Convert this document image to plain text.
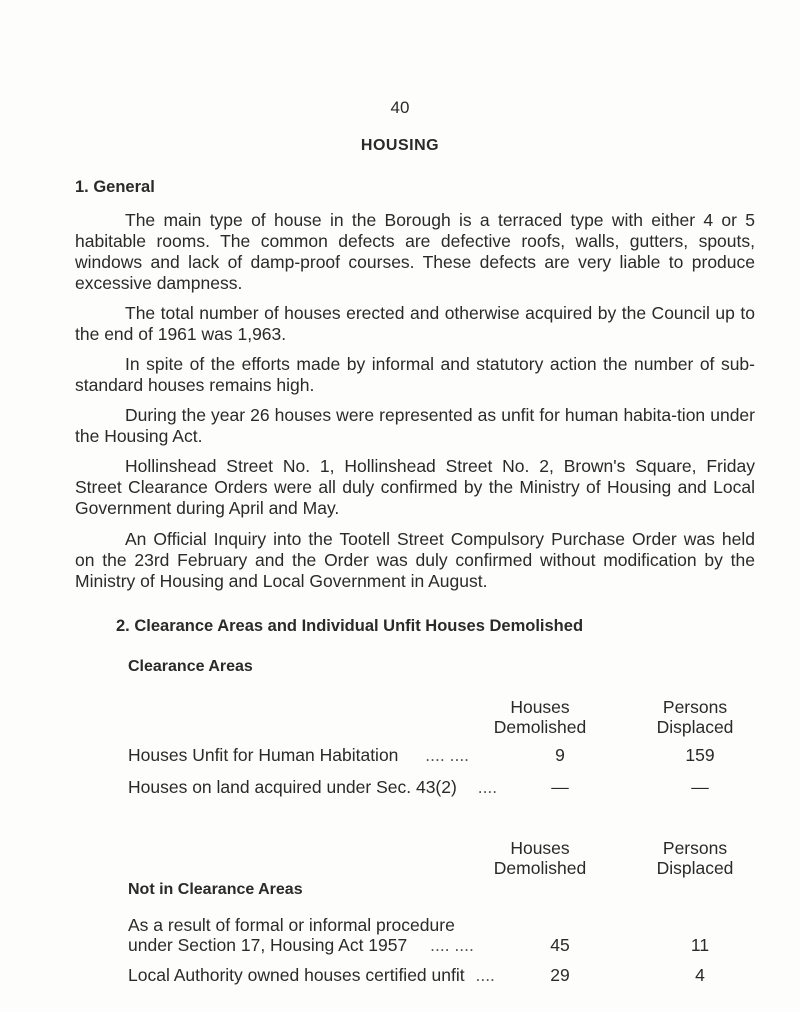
40
HOUSING
1. General
The main type of house in the Borough is a terraced type with either 4 or 5 habitable rooms. The common defects are defective roofs, walls, gutters, spouts, windows and lack of damp-proof courses. These defects are very liable to produce excessive dampness.
The total number of houses erected and otherwise acquired by the Council up to the end of 1961 was 1,963.
In spite of the efforts made by informal and statutory action the number of sub-standard houses remains high.
During the year 26 houses were represented as unfit for human habita-tion under the Housing Act.
Hollinshead Street No. 1, Hollinshead Street No. 2, Brown's Square, Friday Street Clearance Orders were all duly confirmed by the Ministry of Housing and Local Government during April and May.
An Official Inquiry into the Tootell Street Compulsory Purchase Order was held on the 23rd February and the Order was duly confirmed without modification by the Ministry of Housing and Local Government in August.
2. Clearance Areas and Individual Unfit Houses Demolished
Clearance Areas
Houses
Demolished
Persons
Displaced
Houses Unfit for Human Habitation .... ....	9	159
Houses on land acquired under Sec. 43(2) ....	—	—
Houses
Demolished
Persons
Displaced
Not in Clearance Areas
As a result of formal or informal procedure
under Section 17, Housing Act 1957 .... ....	45	11
Local Authority owned houses certified unfit ....	29	4
